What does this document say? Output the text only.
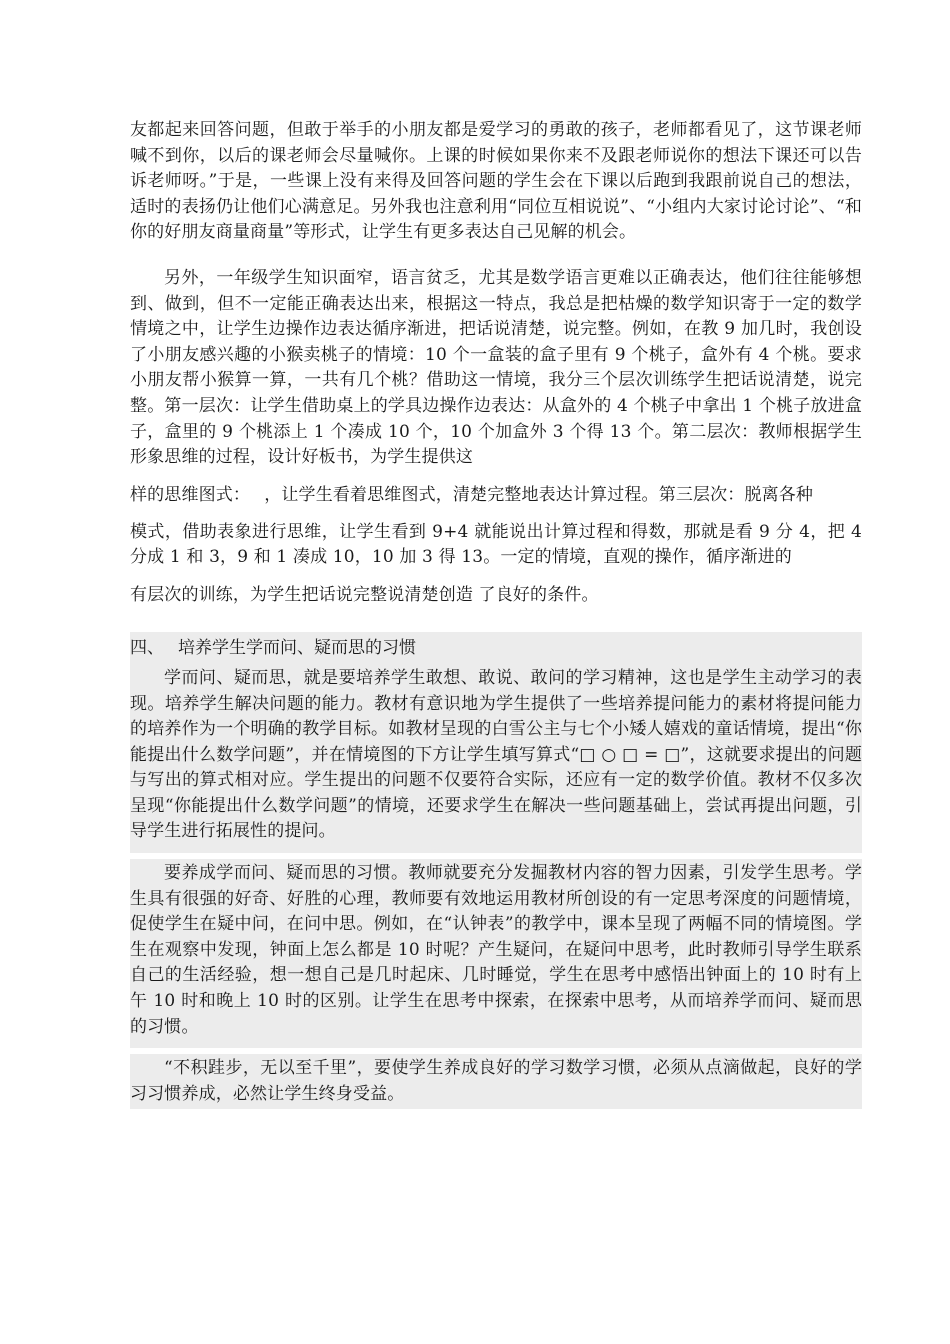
友都起来回答问题，但敢于举手的小朋友都是爱学习的勇敢的孩子，老师都看见了，这节课老师喊不到你，以后的课老师会尽量喊你。上课的时候如果你来不及跟老师说你的想法下课还可以告诉老师呀。”于是，一些课上没有来得及回答问题的学生会在下课以后跑到我跟前说自己的想法，适时的表扬仍让他们心满意足。另外我也注意利用“同位互相说说”、“小组内大家讨论讨论”、“和你的好朋友商量商量”等形式，让学生有更多表达自己见解的机会。

另外，一年级学生知识面窄，语言贫乏，尤其是数学语言更难以正确表达，他们往往能够想到、做到，但不一定能正确表达出来，根据这一特点，我总是把枯燥的数学知识寄于一定的数学情境之中，让学生边操作边表达循序渐进，把话说清楚，说完整。例如，在教 9 加几时，我创设了小朋友感兴趣的小猴卖桃子的情境：10 个一盒装的盒子里有 9 个桃子，盒外有 4 个桃。要求小朋友帮小猴算一算，一共有几个桃？借助这一情境，我分三个层次训练学生把话说清楚，说完整。第一层次：让学生借助桌上的学具边操作边表达：从盒外的 4 个桃子中拿出 1 个桃子放进盒子，盒里的 9 个桃添上 1 个凑成 10 个，10 个加盒外 3 个得 13 个。第二层次：教师根据学生形象思维的过程，设计好板书，为学生提供这
样的思维图式：　 ，让学生看着思维图式，清楚完整地表达计算过程。第三层次：脱离各种
模式，借助表象进行思维，让学生看到 9+4 就能说出计算过程和得数，那就是看 9 分 4，把 4 分成 1 和 3，9 和 1 凑成 10，10 加 3 得 13。一定的情境，直观的操作，循序渐进的
有层次的训练，为学生把话说完整说清楚创造 了良好的条件。
四、 培养学生学而问、疑而思的习惯

学而问、疑而思，就是要培养学生敢想、敢说、敢问的学习精神，这也是学生主动学习的表现。培养学生解决问题的能力。教材有意识地为学生提供了一些培养提问能力的素材将提问能力的培养作为一个明确的教学目标。如教材呈现的白雪公主与七个小矮人嬉戏的童话情境，提出“你能提出什么数学问题”，并在情境图的下方让学生填写算式“□ ○ □ = □”，这就要求提出的问题与写出的算式相对应。学生提出的问题不仅要符合实际，还应有一定的数学价值。教材不仅多次呈现“你能提出什么数学问题”的情境，还要求学生在解决一些问题基础上，尝试再提出问题，引导学生进行拓展性的提问。

要养成学而问、疑而思的习惯。教师就要充分发掘教材内容的智力因素，引发学生思考。学生具有很强的好奇、好胜的心理，教师要有效地运用教材所创设的有一定思考深度的问题情境，促使学生在疑中问，在问中思。例如，在“认钟表”的教学中，课本呈现了两幅不同的情境图。学生在观察中发现，钟面上怎么都是 10 时呢？产生疑问，在疑问中思考，此时教师引导学生联系自己的生活经验，想一想自己是几时起床、几时睡觉，学生在思考中感悟出钟面上的 10 时有上午 10 时和晚上 10 时的区别。让学生在思考中探索，在探索中思考，从而培养学而问、疑而思的习惯。

“不积跬步，无以至千里”，要使学生养成良好的学习数学习惯，必须从点滴做起，良好的学习习惯养成，必然让学生终身受益。
